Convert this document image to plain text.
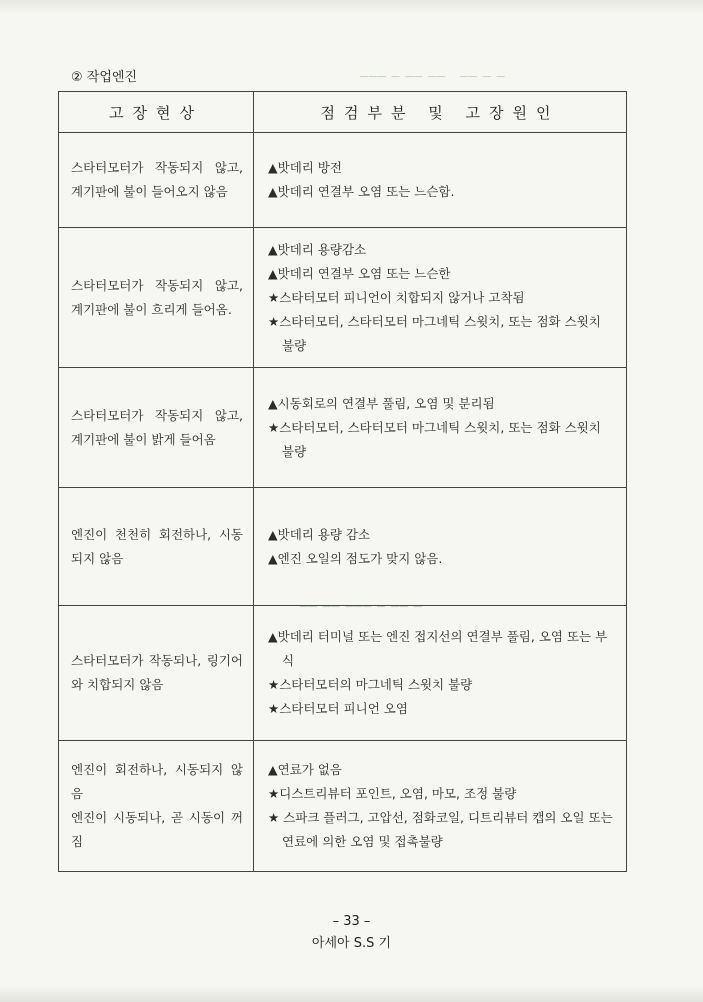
─── ─ ── ── ── ─ ─
── ── ─── ─ ── ─
② 작업엔진
고장현상	점검부분 및 고장원인
스타터모터가 작동되지 않고, 계기판에 불이 들어오지 않음	▲밧데리 방전
▲밧데리 연결부 오염 또는 느슨함.

스타터모터가 작동되지 않고, 계기판에 불이 흐리게 들어옴.	▲밧데리 용량감소
▲밧데리 연결부 오염 또는 느슨한
★스타터모터 피니언이 치합되지 않거나 고착됨
★스타터모터, 스타터모터 마그네틱 스윗치, 또는 점화 스윗치 불량

스타터모터가 작동되지 않고, 계기판에 불이 밝게 들어옴	▲시동회로의 연결부 풀림, 오염 및 분리됨
★스타터모터, 스타터모터 마그네틱 스윗치, 또는 점화 스윗치 불량

엔진이 천천히 회전하나, 시동되지 않음	▲밧데리 용량 감소
▲엔진 오일의 점도가 맞지 않음.

스타터모터가 작동되나, 링기어와 치합되지 않음	▲밧데리 터미널 또는 엔진 접지선의 연결부 풀림, 오염 또는 부식
★스타터모터의 마그네틱 스윗치 불량
★스타터모터 피니언 오염

엔진이 회전하나, 시동되지 않음
엔진이 시동되나, 곧 시동이 꺼짐	▲연료가 없음
★디스트리뷰터 포인트, 오염, 마모, 조정 불량
★ 스파크 플러그, 고압선, 점화코일, 디트리뷰터 캡의 오일 또는 연료에 의한 오염 및 접촉불량
– 33 –
아세아 S.S 기
